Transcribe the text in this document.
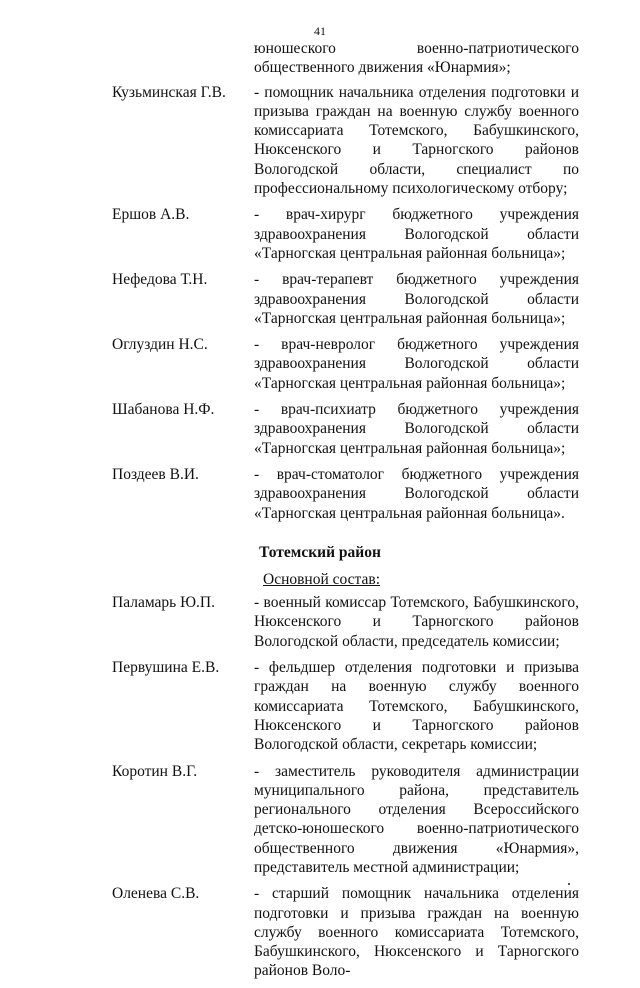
41
юношеского военно-патриотического общественного движения «Юнармия»;
Кузьминская Г.В. - помощник начальника отделения подготовки и призыва граждан на военную службу военного комиссариата Тотемского, Бабушкинского, Нюксенского и Тарногского районов Вологодской области, специалист по профессиональному психологическому отбору;
Ершов А.В.	- врач-хирург бюджетного учреждения здравоохранения Вологодской области «Тарногская центральная районная больница»;
Нефедова Т.Н.	- врач-терапевт бюджетного учреждения здравоохранения Вологодской области «Тарногская центральная районная больница»;
Оглуздин Н.С.	- врач-невролог бюджетного учреждения здравоохранения Вологодской области «Тарногская центральная районная больница»;
Шабанова Н.Ф.	- врач-психиатр бюджетного учреждения здравоохранения Вологодской области «Тарногская центральная районная больница»;
Поздеев В.И.	- врач-стоматолог бюджетного учреждения здравоохранения Вологодской области «Тарногская центральная районная больница».
Тотемский район
Основной состав:
Паламарь Ю.П.	- военный комиссар Тотемского, Бабушкинского, Нюксенского и Тарногского районов Вологодской области, председатель комиссии;
Первушина Е.В. - фельдшер отделения подготовки и призыва граждан на военную службу военного комиссариата Тотемского, Бабушкинского, Нюксенского и Тарногского районов Вологодской области, секретарь комиссии;
Коротин В.Г.	- заместитель руководителя администрации муниципального района, представитель регионального отделения Всероссийского детско-юношеского военно-патриотического общественного движения «Юнармия», представитель местной администрации;
Оленева С.В.	- старший помощник начальника отделения подготовки и призыва граждан на военную службу военного комиссариата Тотемского, Бабушкинского, Нюксенского и Тарногского районов Воло-
